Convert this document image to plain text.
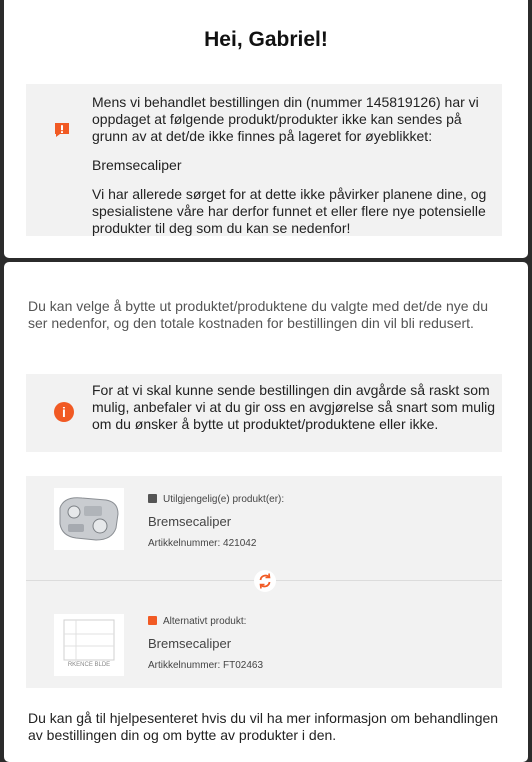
Hei, Gabriel!

Mens vi behandlet bestillingen din (nummer 145819126) har vi oppdaget at følgende produkt/produkter ikke kan sendes på grunn av at det/de ikke finnes på lageret for øyeblikket:

Bremsecaliper

Vi har allerede sørget for at dette ikke påvirker planene dine, og spesialistene våre har derfor funnet et eller flere nye potensielle produkter til deg som du kan se nedenfor!

Du kan velge å bytte ut produktet/produktene du valgte med det/de nye du ser nedenfor, og den totale kostnaden for bestillingen din vil bli redusert.
i
For at vi skal kunne sende bestillingen din avgårde så raskt som mulig, anbefaler vi at du gir oss en avgjørelse så snart som mulig om du ønsker å bytte ut produktet/produktene eller ikke.
Utilgjengelig(e) produkt(er):
Bremsecaliper
Artikkelnummer: 421042
RKENCE BLDE
Alternativt produkt:
Bremsecaliper
Artikkelnummer: FT02463
Du kan gå til hjelpesenteret hvis du vil ha mer informasjon om behandlingen av bestillingen din og om bytte av produkter i den.
